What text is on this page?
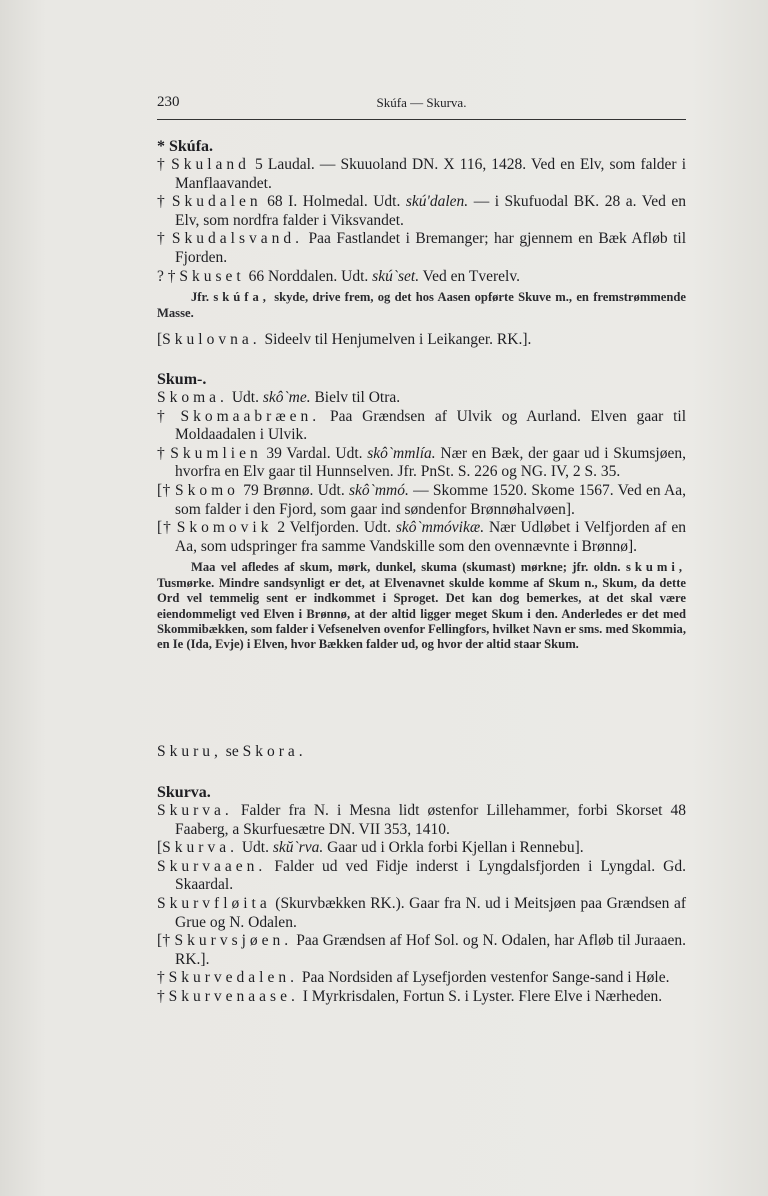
230	Skúfa — Skurva.
* Skúfa.
† Skuland 5 Laudal. — Skuuoland DN. X 116, 1428. Ved en Elv, som falder i Manflaavandet.
† Skudalen 68 I. Holmedal. Udt. skú'dalen. — i Skufuodal BK. 28 a. Ved en Elv, som nordfra falder i Viksvandet.
† Skudalsvand. Paa Fastlandet i Bremanger; har gjennem en Bæk Afløb til Fjorden.
? † Skuset 66 Norddalen. Udt. skú`set. Ved en Tverelv.
Jfr. skúfa, skyde, drive frem, og det hos Aasen opførte Skuve m., en fremstrømmende Masse.
[Skulovna. Sideelv til Henjumelven i Leikanger. RK.].
Skum-.
Skoma. Udt. skô`me. Bielv til Otra.
† Skomaabræen. Paa Grændsen af Ulvik og Aurland. Elven gaar til Moldaadalen i Ulvik.
† Skumlien 39 Vardal. Udt. skô`mmlía. Nær en Bæk, der gaar ud i Skumsjøen, hvorfra en Elv gaar til Hunnselven. Jfr. PnSt. S. 226 og NG. IV, 2 S. 35.
[† Skomo 79 Brønnø. Udt. skô`mmó. — Skomme 1520. Skome 1567. Ved en Aa, som falder i den Fjord, som gaar ind søndenfor Brønnøhalvøen].
[† Skomovik 2 Velfjorden. Udt. skô`mmóvikæ. Nær Udløbet i Velfjorden af en Aa, som udspringer fra samme Vandskille som den ovennævnte i Brønnø].
Maa vel afledes af skum, mørk, dunkel, skuma (skumast) mørkne; jfr. oldn. skumi, Tusmørke. Mindre sandsynligt er det, at Elvenavnet skulde komme af Skum n., Skum, da dette Ord vel temmelig sent er indkommet i Sproget. Det kan dog bemerkes, at det skal være eiendommeligt ved Elven i Brønnø, at der altid ligger meget Skum i den. Anderledes er det med Skommibækken, som falder i Vefsenelven ovenfor Fellingfors, hvilket Navn er sms. med Skommia, en Ie (Ida, Evje) i Elven, hvor Bækken falder ud, og hvor der altid staar Skum.
Skuru, se Skora.
Skurva.
Skurva. Falder fra N. i Mesna lidt østenfor Lillehammer, forbi Skorset 48 Faaberg, a Skurfuesætre DN. VII 353, 1410.
[Skurva. Udt. skŭ`rva. Gaar ud i Orkla forbi Kjellan i Rennebu].
Skurvaaen. Falder ud ved Fidje inderst i Lyngdalsfjorden i Lyngdal. Gd. Skaardal.
Skurvfløita (Skurvbækken RK.). Gaar fra N. ud i Meitsjøen paa Grændsen af Grue og N. Odalen.
[† Skurvsjøen. Paa Grændsen af Hof Sol. og N. Odalen, har Afløb til Juraaen. RK.].
† Skurvedalen. Paa Nordsiden af Lysefjorden vestenfor Sange-sand i Høle.
† Skurvenaase. I Myrkrisdalen, Fortun S. i Lyster. Flere Elve i Nærheden.
